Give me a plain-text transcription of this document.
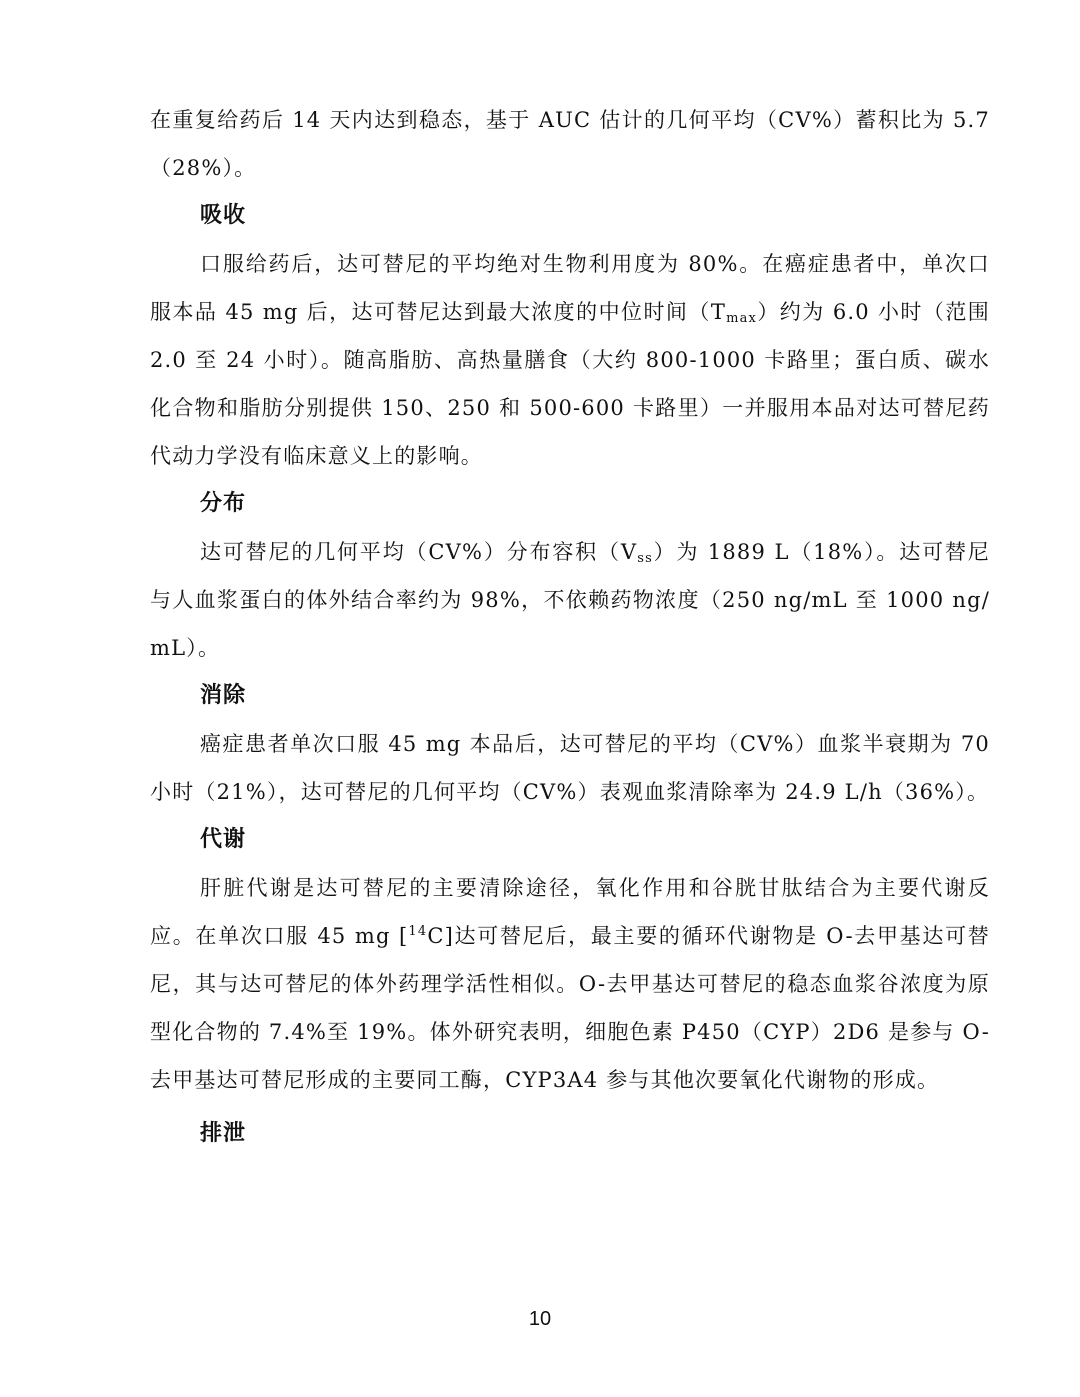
在重复给药后 14 天内达到稳态，基于 AUC 估计的几何平均（CV%）蓄积比为 5.7（28%）。

吸收

口服给药后，达可替尼的平均绝对生物利用度为 80%。在癌症患者中，单次口服本品 45 mg 后，达可替尼达到最大浓度的中位时间$(T_{max})$约为 6.0 小时（范围 2.0 至 24 小时）。随高脂肪、高热量膳食（大约 800-1000 卡路里；蛋白质、碳水化合物和脂肪分别提供 150、250 和 500-600 卡路里）一并服用本品对达可替尼药代动力学没有临床意义上的影响。

分布

达可替尼的几何平均（CV%）分布容积$(V_{ss})$为 1889 L（18%）。达可替尼与人血浆蛋白的体外结合率约为 98%，不依赖药物浓度（250 ng/mL 至 1000 ng/mL）。

消除

癌症患者单次口服 45 mg 本品后，达可替尼的平均（CV%）血浆半衰期为 70 小时（21%），达可替尼的几何平均（CV%）表观血浆清除率为 24.9 L/h（36%）。

代谢

肝脏代谢是达可替尼的主要清除途径，氧化作用和谷胱甘肽结合为主要代谢反应。在单次口服 45 mg [$^{14}$C]达可替尼后，最主要的循环代谢物是 O-去甲基达可替尼，其与达可替尼的体外药理学活性相似。O-去甲基达可替尼的稳态血浆谷浓度为原型化合物的 7.4%至 19%。体外研究表明，细胞色素 P450（CYP）2D6 是参与 O-去甲基达可替尼形成的主要同工酶，CYP3A4 参与其他次要氧化代谢物的形成。

排泄
10
